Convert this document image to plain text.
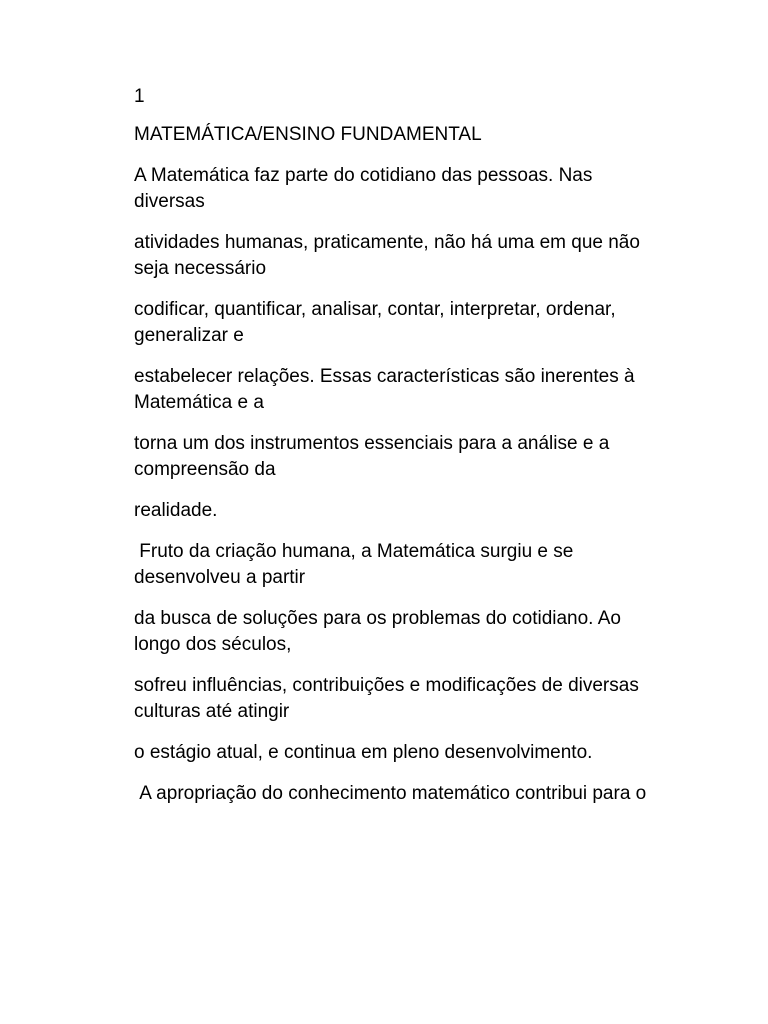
1

MATEMÁTICA/ENSINO FUNDAMENTAL

A Matemática faz parte do cotidiano das pessoas. Nas diversas

atividades humanas, praticamente, não há uma em que não seja necessário

codificar, quantificar, analisar, contar, interpretar, ordenar, generalizar e

estabelecer relações. Essas características são inerentes à Matemática e a

torna um dos instrumentos essenciais para a análise e a compreensão da

realidade.

Fruto da criação humana, a Matemática surgiu e se desenvolveu a partir

da busca de soluções para os problemas do cotidiano. Ao longo dos séculos,

sofreu influências, contribuições e modificações de diversas culturas até atingir

o estágio atual, e continua em pleno desenvolvimento.

A apropriação do conhecimento matemático contribui para o
